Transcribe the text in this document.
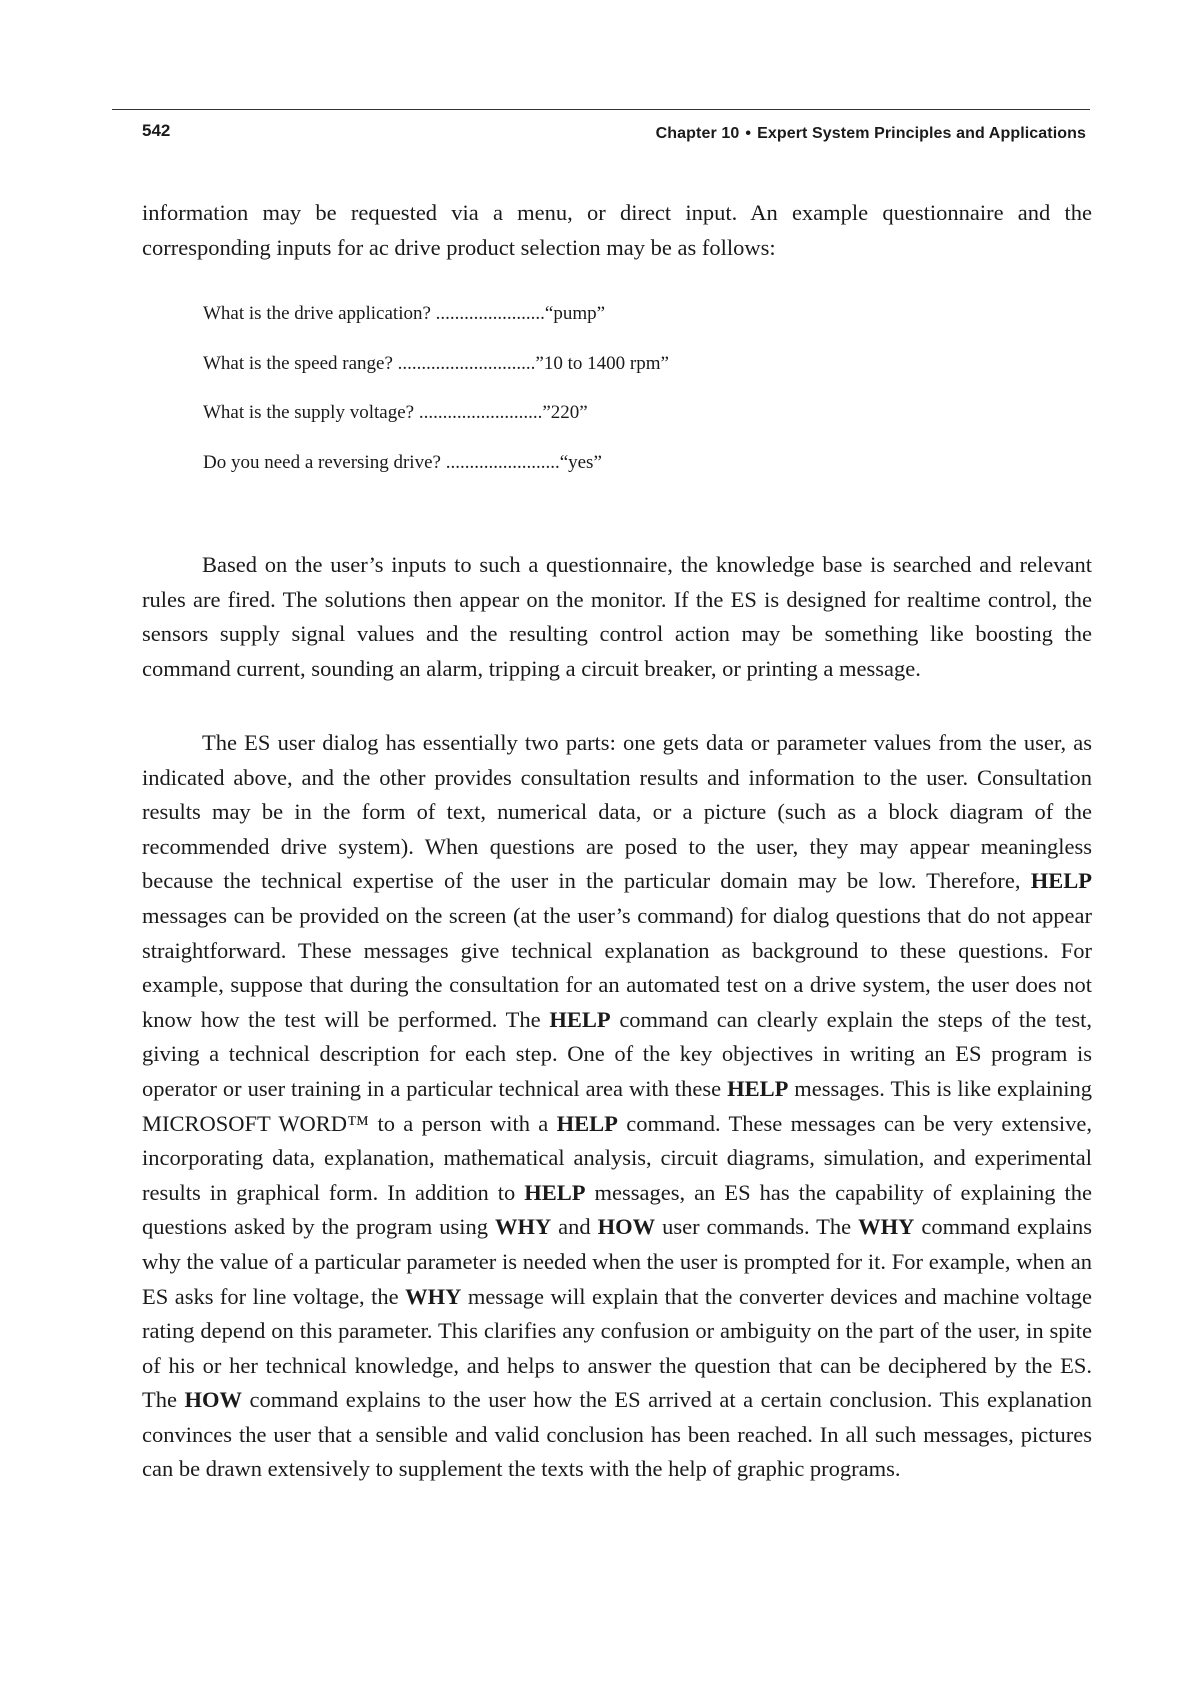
542	Chapter 10 • Expert System Principles and Applications
information may be requested via a menu, or direct input. An example questionnaire and the corresponding inputs for ac drive product selection may be as follows:
What is the drive application? .......................“pump”
What is the speed range? .............................”10 to 1400 rpm”
What is the supply voltage? ..........................”220”
Do you need a reversing drive? ........................“yes”

Based on the user’s inputs to such a questionnaire, the knowledge base is searched and relevant rules are fired. The solutions then appear on the monitor. If the ES is designed for realtime control, the sensors supply signal values and the resulting control action may be something like boosting the command current, sounding an alarm, tripping a circuit breaker, or printing a message.

The ES user dialog has essentially two parts: one gets data or parameter values from the user, as indicated above, and the other provides consultation results and information to the user. Consultation results may be in the form of text, numerical data, or a picture (such as a block diagram of the recommended drive system). When questions are posed to the user, they may appear meaningless because the technical expertise of the user in the particular domain may be low. Therefore, HELP messages can be provided on the screen (at the user’s command) for dialog questions that do not appear straightforward. These messages give technical explanation as background to these questions. For example, suppose that during the consultation for an automated test on a drive system, the user does not know how the test will be performed. The HELP command can clearly explain the steps of the test, giving a technical description for each step. One of the key objectives in writing an ES program is operator or user training in a particular technical area with these HELP messages. This is like explaining MICROSOFT WORD™ to a person with a HELP command. These messages can be very extensive, incorporating data, explanation, mathematical analysis, circuit diagrams, simulation, and experimental results in graphical form. In addition to HELP messages, an ES has the capability of explaining the questions asked by the program using WHY and HOW user commands. The WHY command explains why the value of a particular parameter is needed when the user is prompted for it. For example, when an ES asks for line voltage, the WHY message will explain that the converter devices and machine voltage rating depend on this parameter. This clarifies any confusion or ambiguity on the part of the user, in spite of his or her technical knowledge, and helps to answer the question that can be deciphered by the ES. The HOW command explains to the user how the ES arrived at a certain conclusion. This explanation convinces the user that a sensible and valid conclusion has been reached. In all such messages, pictures can be drawn extensively to supplement the texts with the help of graphic programs.
